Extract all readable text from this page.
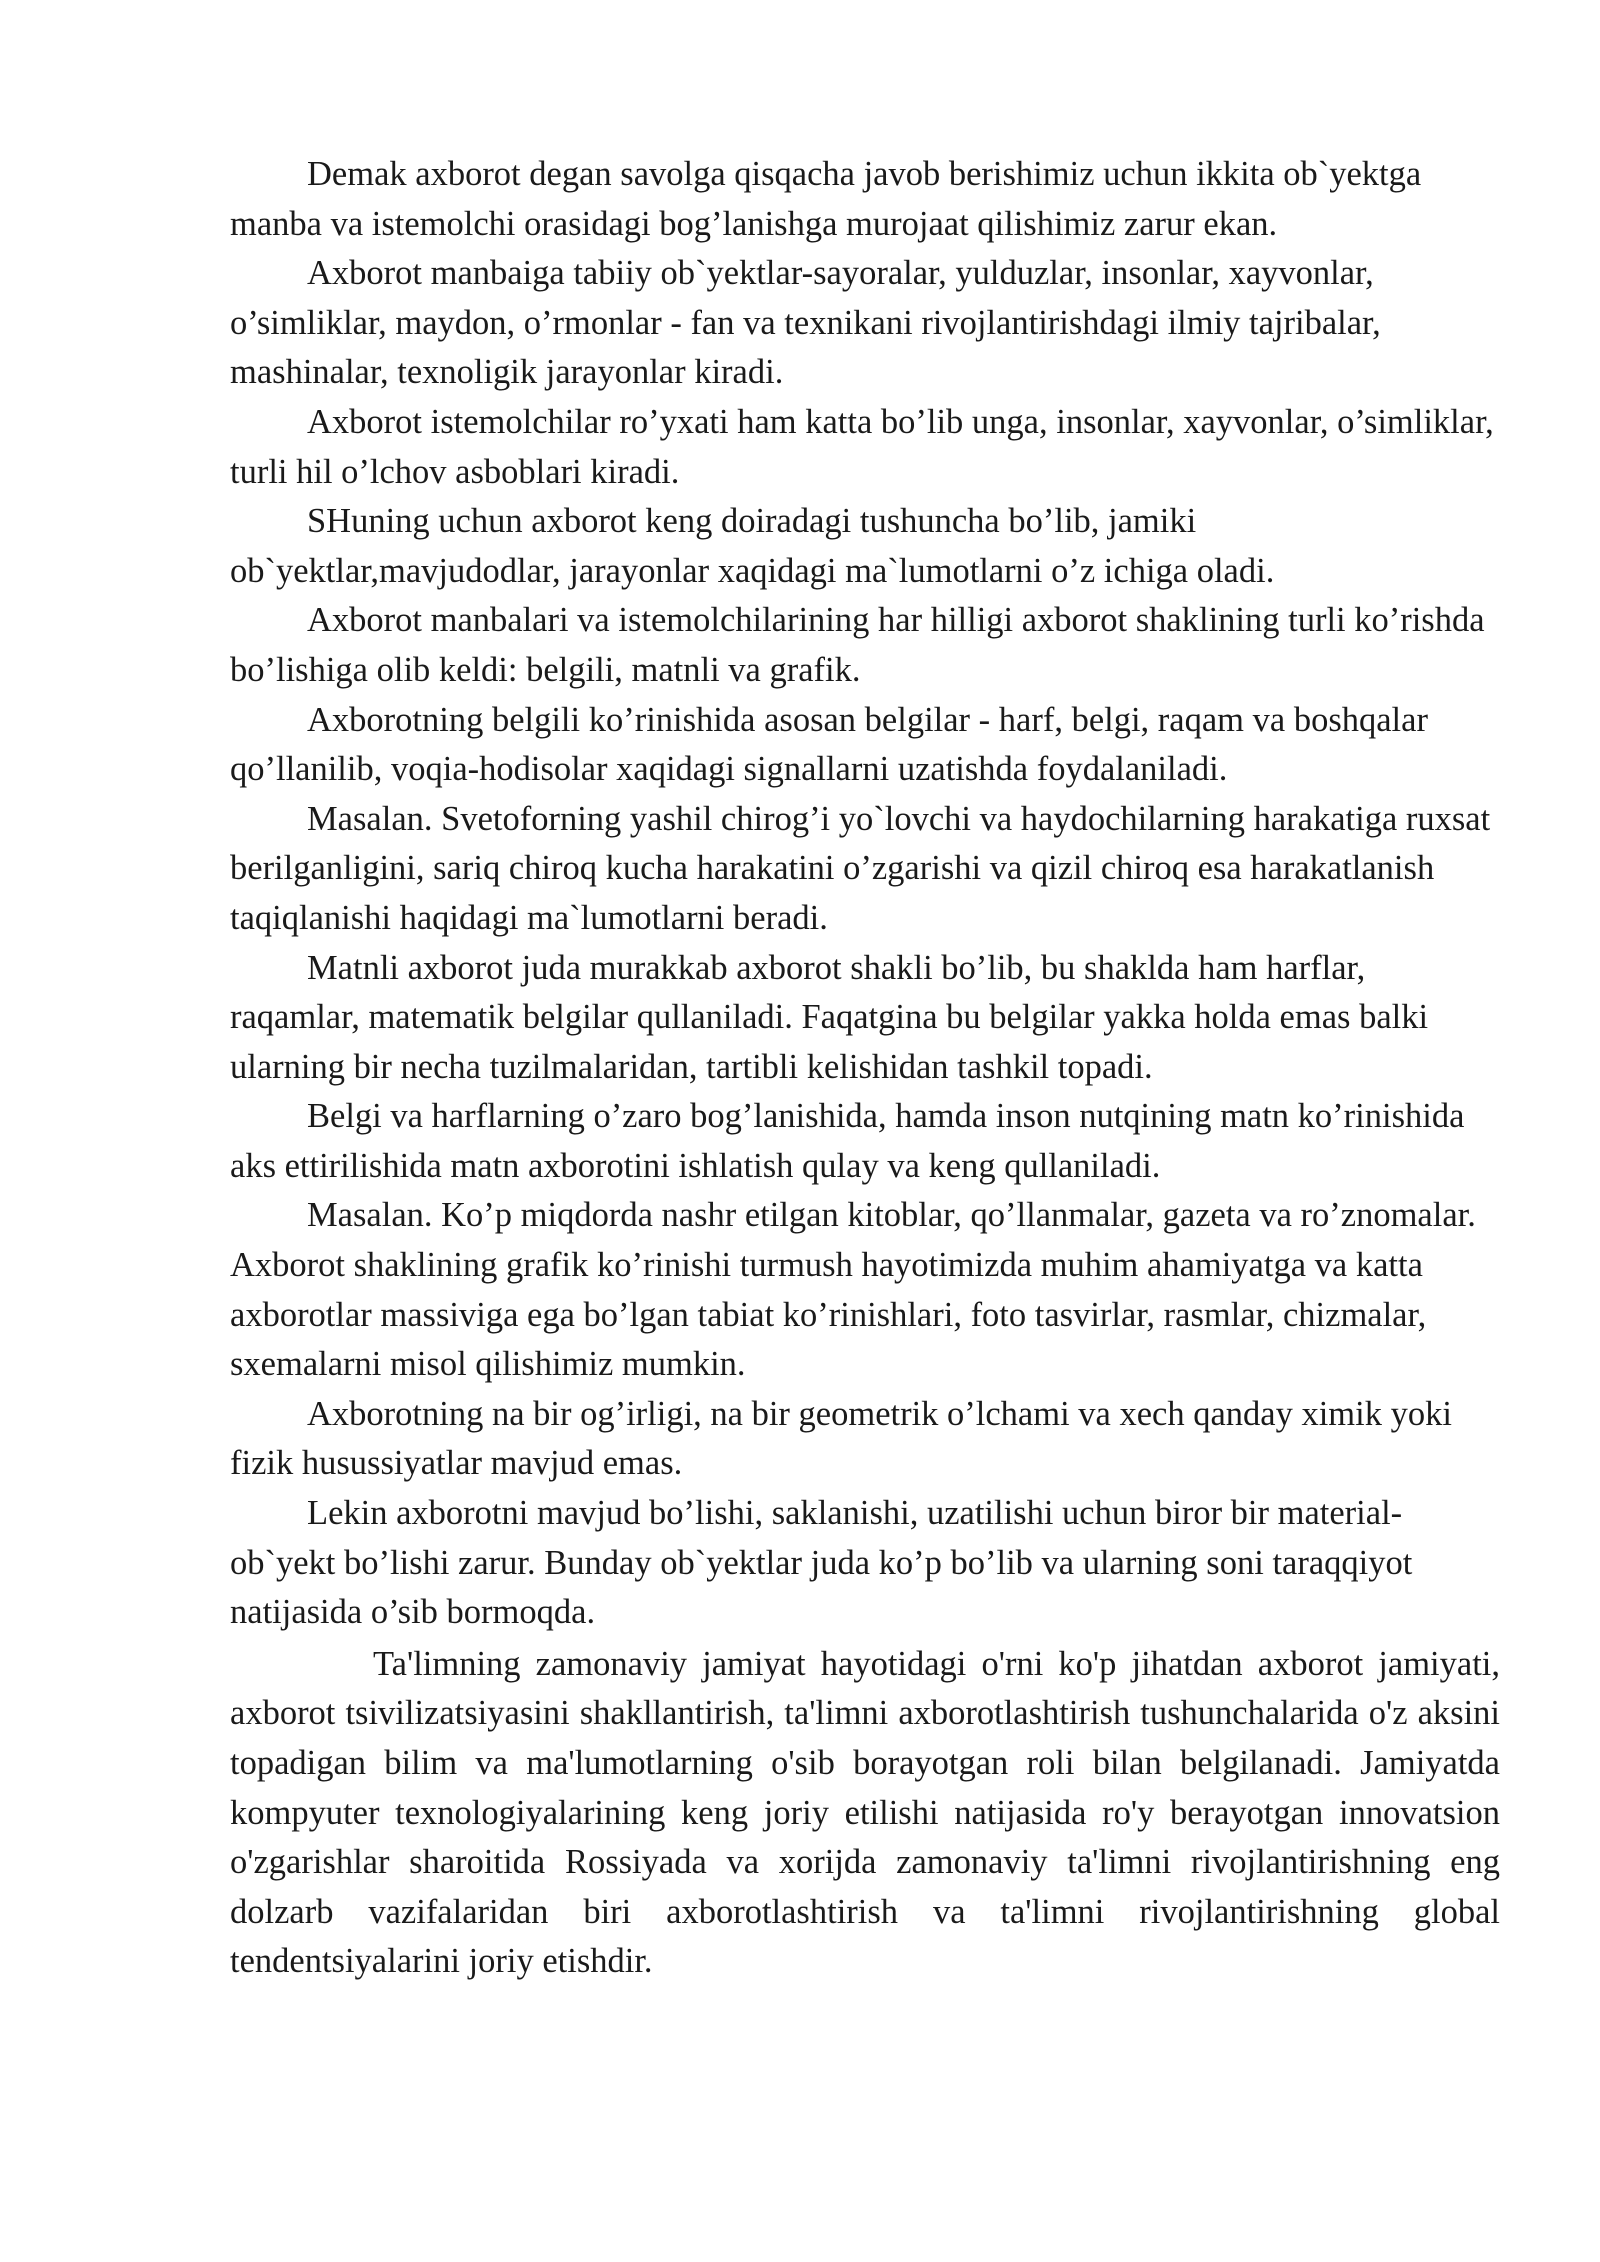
Demak axborot degan savolga qisqacha javob berishimiz uchun ikkita ob`yektga manba va istemolchi orasidagi bog’lanishga murojaat qilishimiz zarur ekan.

Axborot manbaiga tabiiy ob`yektlar-sayoralar, yulduzlar, insonlar, xayvonlar, o’simliklar, maydon, o’rmonlar - fan va texnikani rivojlantirishdagi ilmiy tajribalar, mashinalar, texnoligik jarayonlar kiradi.

Axborot istemolchilar ro’yxati ham katta bo’lib unga, insonlar, xayvonlar, o’simliklar, turli hil o’lchov asboblari kiradi.

SHuning uchun axborot keng doiradagi tushuncha bo’lib, jamiki ob`yektlar,mavjudodlar, jarayonlar xaqidagi ma`lumotlarni o’z ichiga oladi.

Axborot manbalari va istemolchilarining har hilligi axborot shaklining turli ko’rishda bo’lishiga olib keldi: belgili, matnli va grafik.

Axborotning belgili ko’rinishida asosan belgilar - harf, belgi, raqam va boshqalar qo’llanilib, voqia-hodisolar xaqidagi signallarni uzatishda foydalaniladi.

Masalan. Svetoforning yashil chirog’i yo`lovchi va haydochilarning harakatiga ruxsat berilganligini, sariq chiroq kucha harakatini o’zgarishi va qizil chiroq esa harakatlanish taqiqlanishi haqidagi ma`lumotlarni beradi.

Matnli axborot juda murakkab axborot shakli bo’lib, bu shaklda ham harflar, raqamlar, matematik belgilar qullaniladi. Faqatgina bu belgilar yakka holda emas balki ularning bir necha tuzilmalaridan, tartibli kelishidan tashkil topadi.

Belgi va harflarning o’zaro bog’lanishida, hamda inson nutqining matn ko’rinishida aks ettirilishida matn axborotini ishlatish qulay va keng qullaniladi.

Masalan. Ko’p miqdorda nashr etilgan kitoblar, qo’llanmalar, gazeta va ro’znomalar. Axborot shaklining grafik ko’rinishi turmush hayotimizda muhim ahamiyatga va katta axborotlar massiviga ega bo’lgan tabiat ko’rinishlari, foto tasvirlar, rasmlar, chizmalar, sxemalarni misol qilishimiz mumkin.

Axborotning na bir og’irligi, na bir geometrik o’lchami va xech qanday ximik yoki fizik husussiyatlar mavjud emas.

Lekin axborotni mavjud bo’lishi, saklanishi, uzatilishi uchun biror bir material-ob`yekt bo’lishi zarur. Bunday ob`yektlar juda ko’p bo’lib va ularning soni taraqqiyot natijasida o’sib bormoqda.

Ta'limning zamonaviy jamiyat hayotidagi o'rni ko'p jihatdan axborot jamiyati, axborot tsivilizatsiyasini shakllantirish, ta'limni axborotlashtirish tushunchalarida o'z aksini topadigan bilim va ma'lumotlarning o'sib borayotgan roli bilan belgilanadi. Jamiyatda kompyuter texnologiyalarining keng joriy etilishi natijasida ro'y berayotgan innovatsion o'zgarishlar sharoitida Rossiyada va xorijda zamonaviy ta'limni rivojlantirishning eng dolzarb vazifalaridan biri axborotlashtirish va ta'limni rivojlantirishning global tendentsiyalarini joriy etishdir.
